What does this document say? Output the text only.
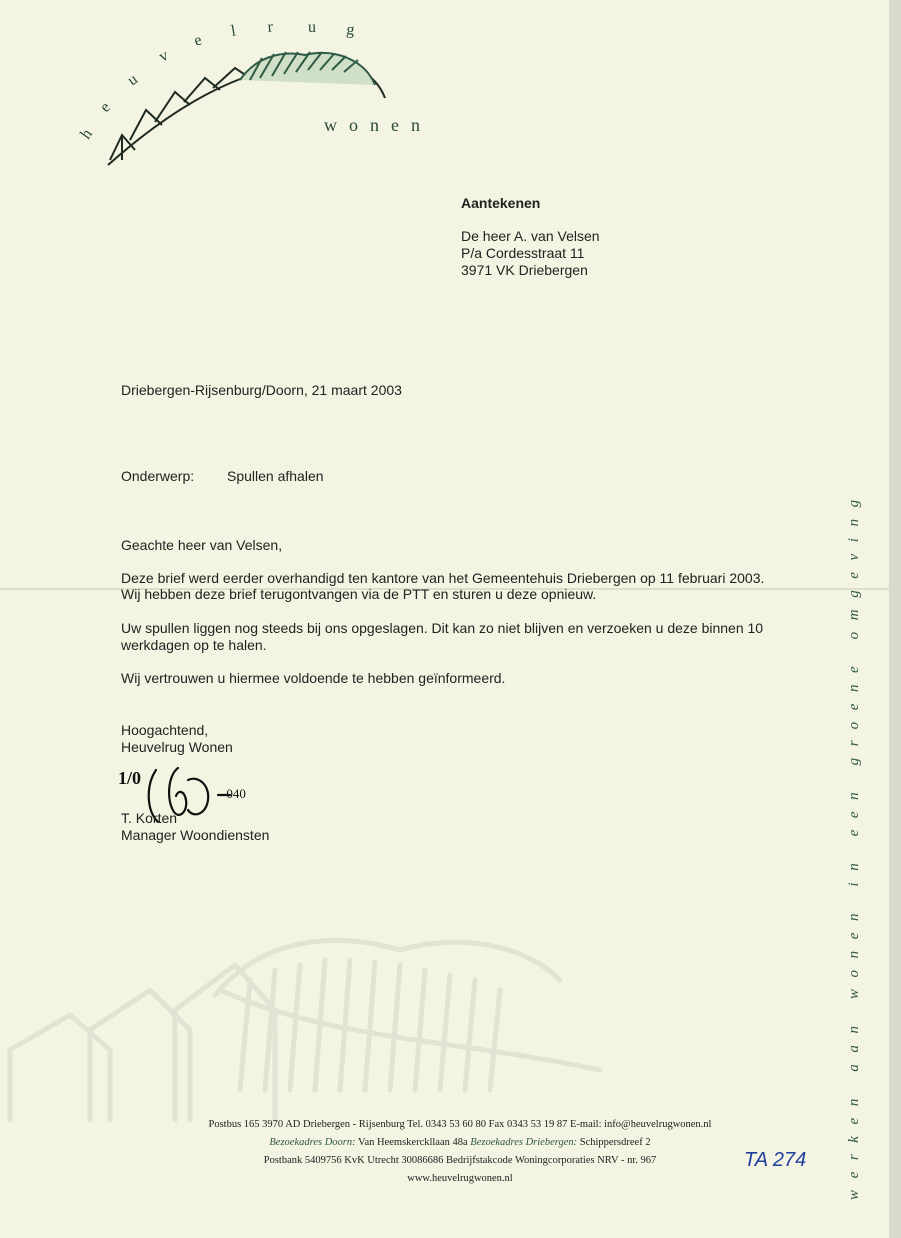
h
e
u
v
e
l r u g
wonen
werken aan wonen in een groene omgeving
Aantekenen
De heer A. van Velsen
P/a Cordesstraat 11
3971 VK Driebergen
Driebergen-Rijsenburg/Doorn, 21 maart 2003
Onderwerp: Spullen afhalen
Geachte heer van Velsen,
Deze brief werd eerder overhandigd ten kantore van het Gemeentehuis Driebergen op 11 februari 2003.
Wij hebben deze brief terugontvangen via de PTT en sturen u deze opnieuw.
Uw spullen liggen nog steeds bij ons opgeslagen. Dit kan zo niet blijven en verzoeken u deze binnen 10
werkdagen op te halen.
Wij vertrouwen u hiermee voldoende te hebben geïnformeerd.
Hoogachtend,
Heuvelrug Wonen
1/0
-040
T. Korten
Manager Woondiensten
Postbus 165 3970 AD Driebergen - Rijsenburg Tel. 0343 53 60 80 Fax 0343 53 19 87 E-mail: info@heuvelrugwonen.nl
Bezoekadres Doorn: Van Heemskerckllaan 48a Bezoekadres Driebergen: Schippersdreef 2
Postbank 5409756 KvK Utrecht 30086686 Bedrijfstakcode Woningcorporaties NRV - nr. 967
www.heuvelrugwonen.nl
TA 274
